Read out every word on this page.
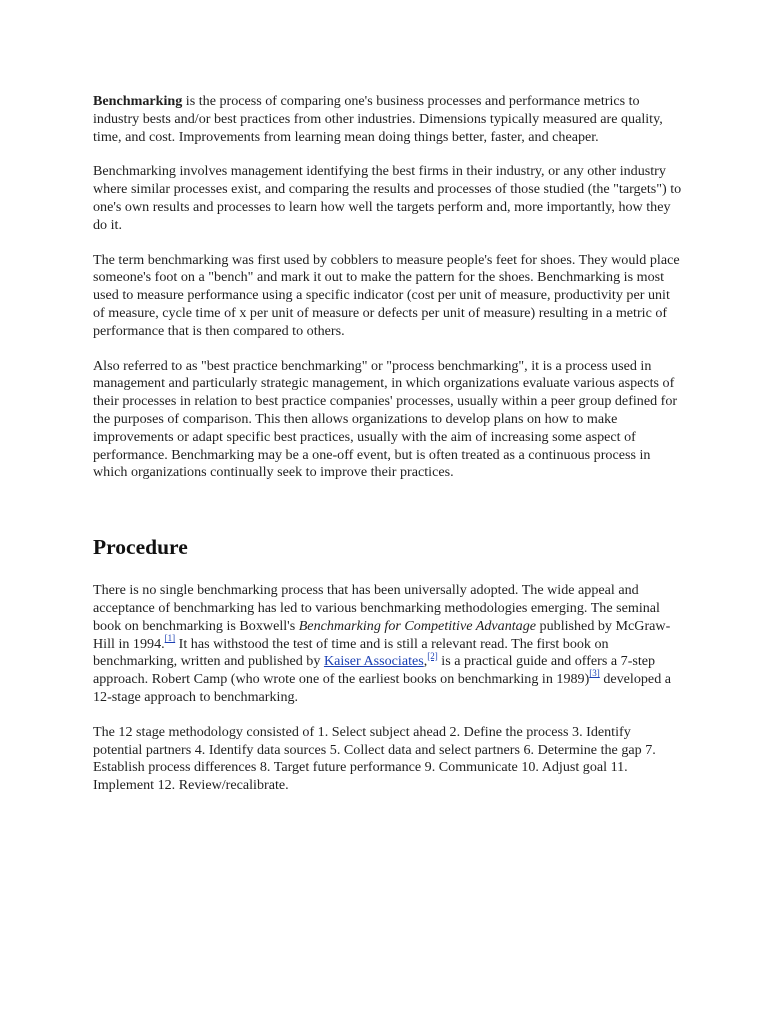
Benchmarking is the process of comparing one's business processes and performance metrics to industry bests and/or best practices from other industries. Dimensions typically measured are quality, time, and cost. Improvements from learning mean doing things better, faster, and cheaper.

Benchmarking involves management identifying the best firms in their industry, or any other industry where similar processes exist, and comparing the results and processes of those studied (the "targets") to one's own results and processes to learn how well the targets perform and, more importantly, how they do it.

The term benchmarking was first used by cobblers to measure people's feet for shoes. They would place someone's foot on a "bench" and mark it out to make the pattern for the shoes. Benchmarking is most used to measure performance using a specific indicator (cost per unit of measure, productivity per unit of measure, cycle time of x per unit of measure or defects per unit of measure) resulting in a metric of performance that is then compared to others.

Also referred to as "best practice benchmarking" or "process benchmarking", it is a process used in management and particularly strategic management, in which organizations evaluate various aspects of their processes in relation to best practice companies' processes, usually within a peer group defined for the purposes of comparison. This then allows organizations to develop plans on how to make improvements or adapt specific best practices, usually with the aim of increasing some aspect of performance. Benchmarking may be a one-off event, but is often treated as a continuous process in which organizations continually seek to improve their practices.

Procedure

There is no single benchmarking process that has been universally adopted. The wide appeal and acceptance of benchmarking has led to various benchmarking methodologies emerging. The seminal book on benchmarking is Boxwell's Benchmarking for Competitive Advantage published by McGraw-Hill in 1994.[1] It has withstood the test of time and is still a relevant read. The first book on benchmarking, written and published by Kaiser Associates,[2] is a practical guide and offers a 7-step approach. Robert Camp (who wrote one of the earliest books on benchmarking in 1989)[3] developed a 12-stage approach to benchmarking.

The 12 stage methodology consisted of 1. Select subject ahead 2. Define the process 3. Identify potential partners 4. Identify data sources 5. Collect data and select partners 6. Determine the gap 7. Establish process differences 8. Target future performance 9. Communicate 10. Adjust goal 11. Implement 12. Review/recalibrate.
